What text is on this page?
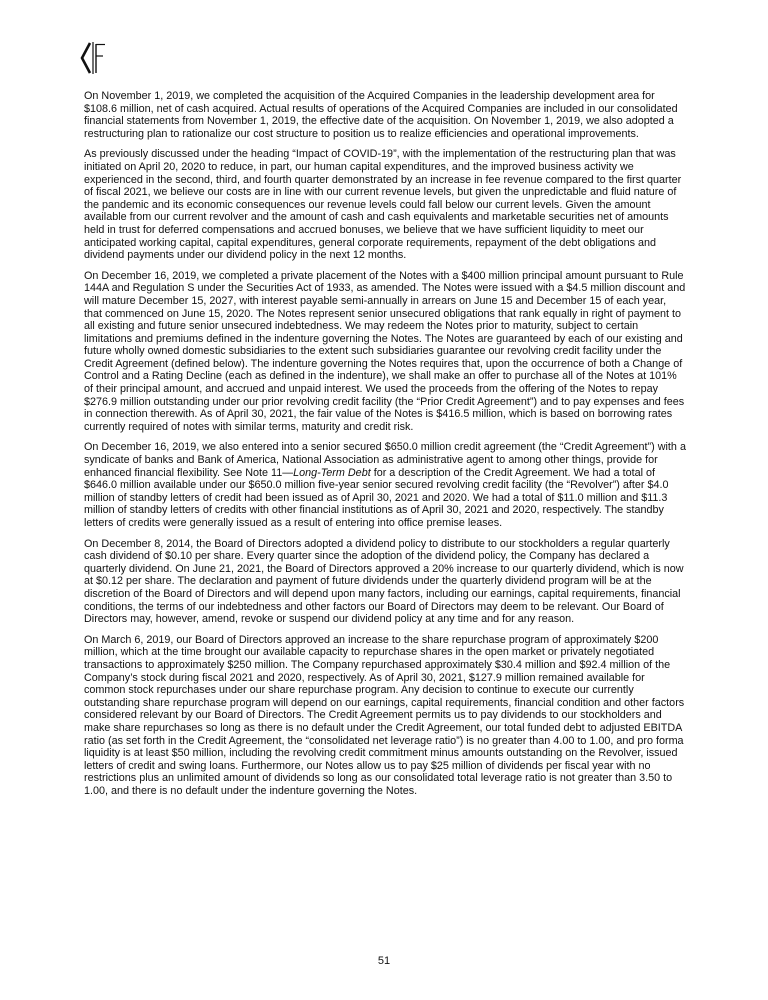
On November 1, 2019, we completed the acquisition of the Acquired Companies in the leadership development area for $108.6 million, net of cash acquired. Actual results of operations of the Acquired Companies are included in our consolidated financial statements from November 1, 2019, the effective date of the acquisition. On November 1, 2019, we also adopted a restructuring plan to rationalize our cost structure to position us to realize efficiencies and operational improvements.

As previously discussed under the heading “Impact of COVID-19”, with the implementation of the restructuring plan that was initiated on April 20, 2020 to reduce, in part, our human capital expenditures, and the improved business activity we experienced in the second, third, and fourth quarter demonstrated by an increase in fee revenue compared to the first quarter of fiscal 2021, we believe our costs are in line with our current revenue levels, but given the unpredictable and fluid nature of the pandemic and its economic consequences our revenue levels could fall below our current levels. Given the amount available from our current revolver and the amount of cash and cash equivalents and marketable securities net of amounts held in trust for deferred compensations and accrued bonuses, we believe that we have sufficient liquidity to meet our anticipated working capital, capital expenditures, general corporate requirements, repayment of the debt obligations and dividend payments under our dividend policy in the next 12 months.

On December 16, 2019, we completed a private placement of the Notes with a $400 million principal amount pursuant to Rule 144A and Regulation S under the Securities Act of 1933, as amended. The Notes were issued with a $4.5 million discount and will mature December 15, 2027, with interest payable semi-annually in arrears on June 15 and December 15 of each year, that commenced on June 15, 2020. The Notes represent senior unsecured obligations that rank equally in right of payment to all existing and future senior unsecured indebtedness. We may redeem the Notes prior to maturity, subject to certain limitations and premiums defined in the indenture governing the Notes. The Notes are guaranteed by each of our existing and future wholly owned domestic subsidiaries to the extent such subsidiaries guarantee our revolving credit facility under the Credit Agreement (defined below). The indenture governing the Notes requires that, upon the occurrence of both a Change of Control and a Rating Decline (each as defined in the indenture), we shall make an offer to purchase all of the Notes at 101% of their principal amount, and accrued and unpaid interest. We used the proceeds from the offering of the Notes to repay $276.9 million outstanding under our prior revolving credit facility (the “Prior Credit Agreement”) and to pay expenses and fees in connection therewith. As of April 30, 2021, the fair value of the Notes is $416.5 million, which is based on borrowing rates currently required of notes with similar terms, maturity and credit risk.

On December 16, 2019, we also entered into a senior secured $650.0 million credit agreement (the “Credit Agreement”) with a syndicate of banks and Bank of America, National Association as administrative agent to among other things, provide for enhanced financial flexibility. See Note 11—Long-Term Debt for a description of the Credit Agreement. We had a total of $646.0 million available under our $650.0 million five-year senior secured revolving credit facility (the “Revolver”) after $4.0 million of standby letters of credit had been issued as of April 30, 2021 and 2020. We had a total of $11.0 million and $11.3 million of standby letters of credits with other financial institutions as of April 30, 2021 and 2020, respectively. The standby letters of credits were generally issued as a result of entering into office premise leases.

On December 8, 2014, the Board of Directors adopted a dividend policy to distribute to our stockholders a regular quarterly cash dividend of $0.10 per share. Every quarter since the adoption of the dividend policy, the Company has declared a quarterly dividend. On June 21, 2021, the Board of Directors approved a 20% increase to our quarterly dividend, which is now at $0.12 per share. The declaration and payment of future dividends under the quarterly dividend program will be at the discretion of the Board of Directors and will depend upon many factors, including our earnings, capital requirements, financial conditions, the terms of our indebtedness and other factors our Board of Directors may deem to be relevant. Our Board of Directors may, however, amend, revoke or suspend our dividend policy at any time and for any reason.

On March 6, 2019, our Board of Directors approved an increase to the share repurchase program of approximately $200 million, which at the time brought our available capacity to repurchase shares in the open market or privately negotiated transactions to approximately $250 million. The Company repurchased approximately $30.4 million and $92.4 million of the Company’s stock during fiscal 2021 and 2020, respectively. As of April 30, 2021, $127.9 million remained available for common stock repurchases under our share repurchase program. Any decision to continue to execute our currently outstanding share repurchase program will depend on our earnings, capital requirements, financial condition and other factors considered relevant by our Board of Directors. The Credit Agreement permits us to pay dividends to our stockholders and make share repurchases so long as there is no default under the Credit Agreement, our total funded debt to adjusted EBITDA ratio (as set forth in the Credit Agreement, the “consolidated net leverage ratio”) is no greater than 4.00 to 1.00, and pro forma liquidity is at least $50 million, including the revolving credit commitment minus amounts outstanding on the Revolver, issued letters of credit and swing loans. Furthermore, our Notes allow us to pay $25 million of dividends per fiscal year with no restrictions plus an unlimited amount of dividends so long as our consolidated total leverage ratio is not greater than 3.50 to 1.00, and there is no default under the indenture governing the Notes.

51
